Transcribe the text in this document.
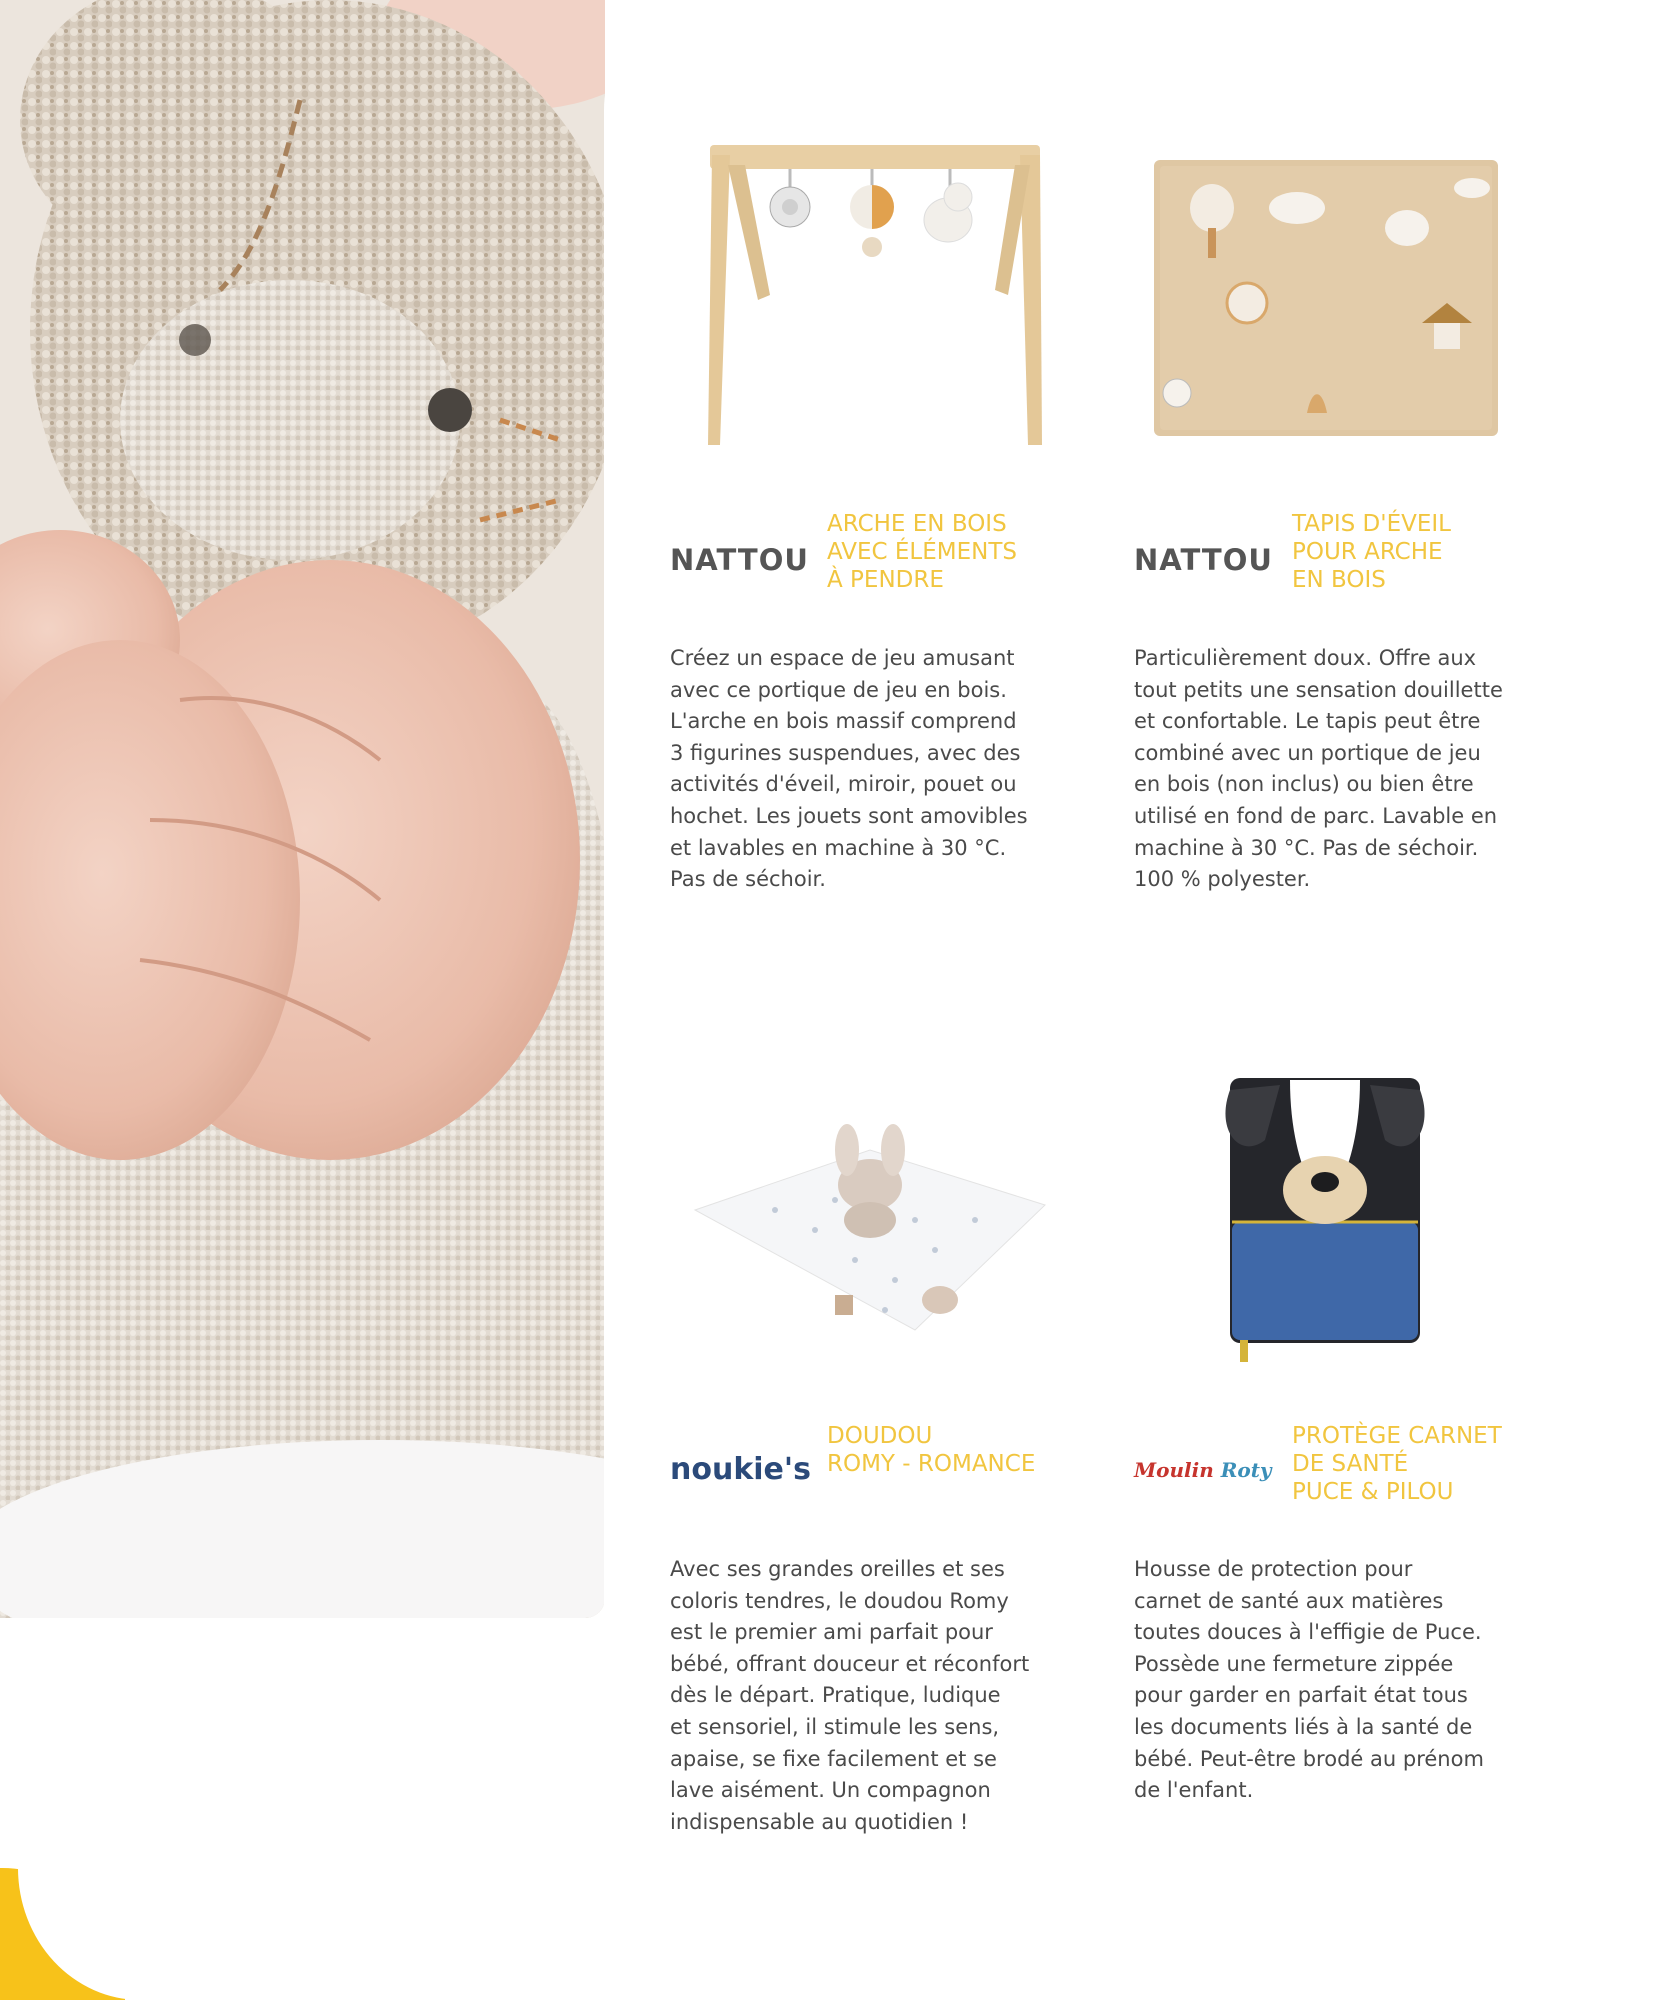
NATTOU
ARCHE EN BOIS
AVEC ÉLÉMENTS
À PENDRE
Créez un espace de jeu amusant
avec ce portique de jeu en bois.
L'arche en bois massif comprend
3 figurines suspendues, avec des
activités d'éveil, miroir, pouet ou
hochet. Les jouets sont amovibles
et lavables en machine à 30 °C.
Pas de séchoir.
NATTOU
TAPIS D'ÉVEIL
POUR ARCHE
EN BOIS
Particulièrement doux. Offre aux
tout petits une sensation douillette
et confortable. Le tapis peut être
combiné avec un portique de jeu
en bois (non inclus) ou bien être
utilisé en fond de parc. Lavable en
machine à 30 °C. Pas de séchoir.
100 % polyester.
noukie's
DOUDOU
ROMY - ROMANCE
Avec ses grandes oreilles et ses
coloris tendres, le doudou Romy
est le premier ami parfait pour
bébé, offrant douceur et réconfort
dès le départ. Pratique, ludique
et sensoriel, il stimule les sens,
apaise, se fixe facilement et se
lave aisément. Un compagnon
indispensable au quotidien !
Moulin Roty
PROTÈGE CARNET
DE SANTÉ
PUCE & PILOU
Housse de protection pour
carnet de santé aux matières
toutes douces à l'effigie de Puce.
Possède une fermeture zippée
pour garder en parfait état tous
les documents liés à la santé de
bébé. Peut-être brodé au prénom
de l'enfant.
